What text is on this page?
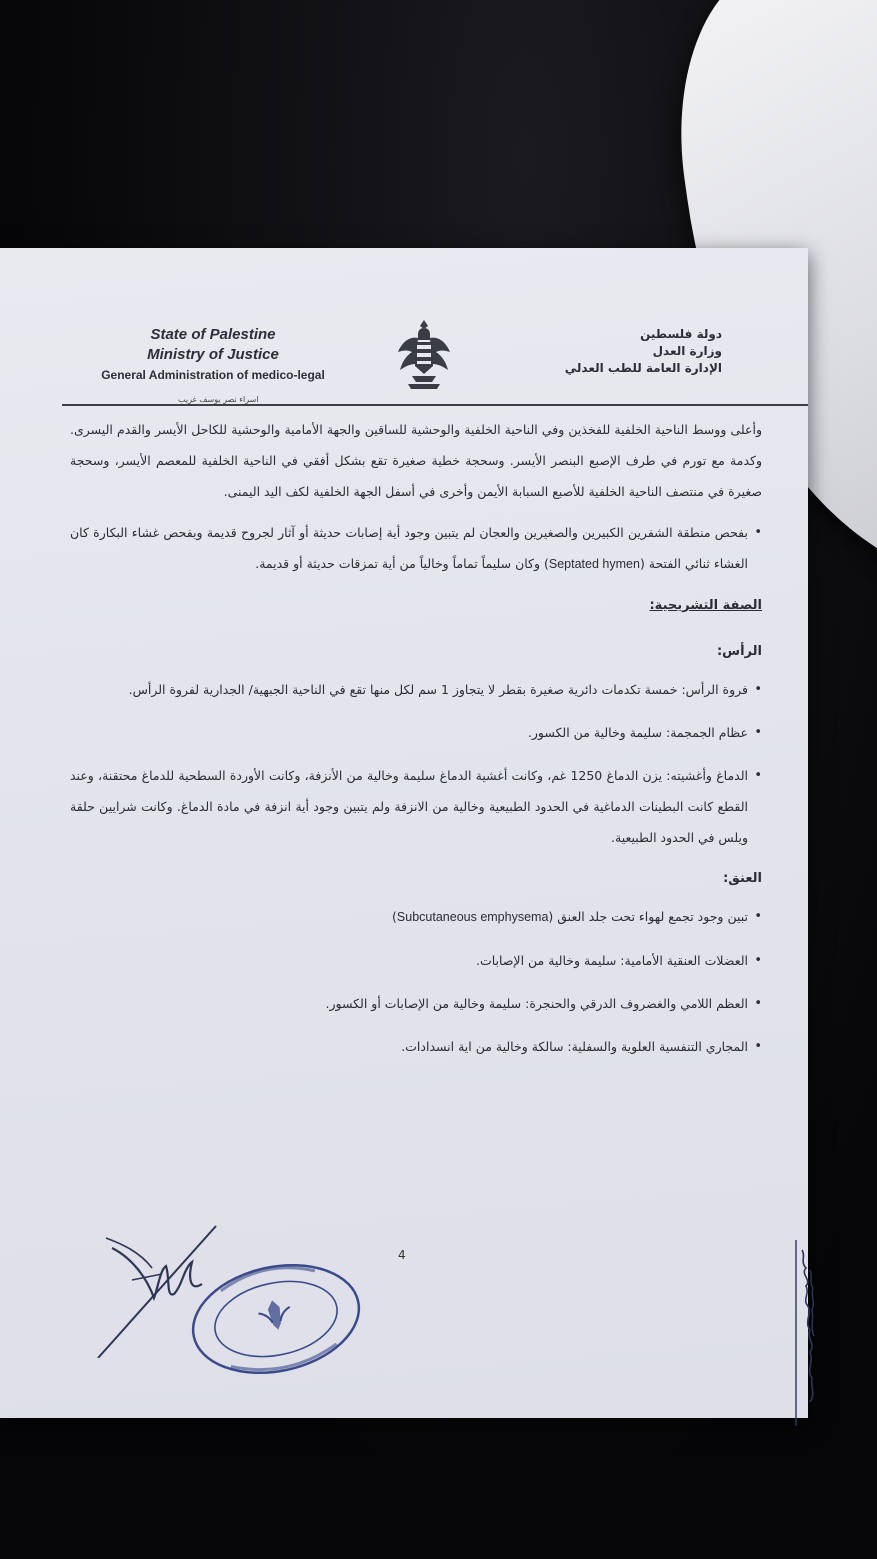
State of Palestine
Ministry of Justice
General Administration of medico-legal
دولة فلسطين
وزارة العدل
الإدارة العامة للطب العدلي
اسراء نصر يوسف غريب

وأعلى ووسط الناحية الخلفية للفخذين وفي الناحية الخلفية والوحشية للساقين والجهة الأمامية والوحشية للكاحل الأيسر والقدم اليسرى. وكدمة مع تورم في طرف الإصبع البنصر الأيسر. وسحجة خطية صغيرة تقع بشكل أفقي في الناحية الخلفية للمعصم الأيسر، وسحجة صغيرة في منتصف الناحية الخلفية للأصبع السبابة الأيمن وأخرى في أسفل الجهة الخلفية لكف اليد اليمنى.

• بفحص منطقة الشفرين الكبيرين والصغيرين والعجان لم يتبين وجود أية إصابات حديثة أو آثار لجروح قديمة وبفحص غشاء البكارة كان الغشاء ثنائي الفتحة (Septated hymen) وكان سليماً تماماً وخالياً من أية تمزقات حديثة أو قديمة.

الصفة التشريحية:
الرأس:

• فروة الرأس: خمسة تكدمات دائرية صغيرة بقطر لا يتجاوز 1 سم لكل منها تقع في الناحية الجبهية/ الجدارية لفروة الرأس.

• عظام الجمجمة: سليمة وخالية من الكسور.

• الدماغ وأغشيته: يزن الدماغ 1250 غم، وكانت أغشية الدماغ سليمة وخالية من الأنزفة، وكانت الأوردة السطحية للدماغ محتقنة، وعند القطع كانت البطينات الدماغية في الحدود الطبيعية وخالية من الانزفة ولم يتبين وجود أية انزفة في مادة الدماغ. وكانت شرايين حلقة ويلس في الحدود الطبيعية.

العنق:

• تبين وجود تجمع لهواء تحت جلد العنق (Subcutaneous emphysema)

• العضلات العنقية الأمامية: سليمة وخالية من الإصابات.

• العظم اللامي والغضروف الدرقي والحنجرة: سليمة وخالية من الإصابات أو الكسور.

• المجاري التنفسية العلوية والسفلية: سالكة وخالية من اية انسدادات.

4
